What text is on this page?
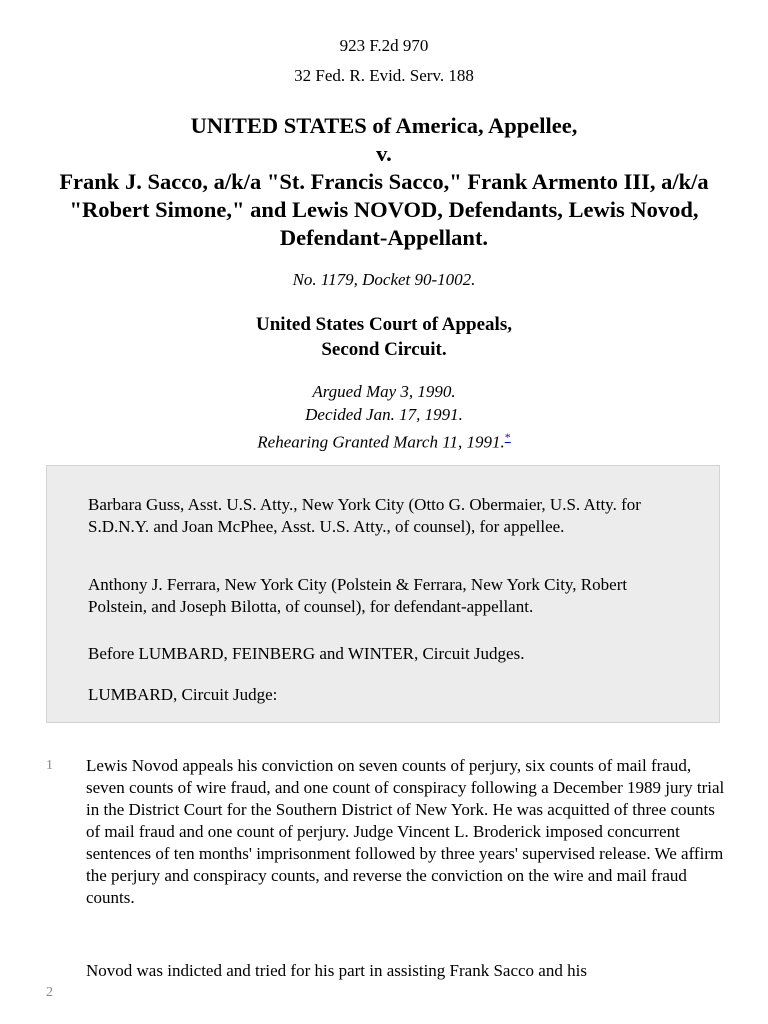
923 F.2d 970
32 Fed. R. Evid. Serv. 188
UNITED STATES of America, Appellee,
v.
Frank J. Sacco, a/k/a "St. Francis Sacco," Frank Armento III, a/k/a "Robert Simone," and Lewis NOVOD, Defendants, Lewis Novod, Defendant-Appellant.
No. 1179, Docket 90-1002.
United States Court of Appeals,
Second Circuit.
Argued May 3, 1990.
Decided Jan. 17, 1991.
Rehearing Granted March 11, 1991.*

Barbara Guss, Asst. U.S. Atty., New York City (Otto G. Obermaier, U.S. Atty. for S.D.N.Y. and Joan McPhee, Asst. U.S. Atty., of counsel), for appellee.

Anthony J. Ferrara, New York City (Polstein & Ferrara, New York City, Robert Polstein, and Joseph Bilotta, of counsel), for defendant-appellant.

Before LUMBARD, FEINBERG and WINTER, Circuit Judges.

LUMBARD, Circuit Judge:

1 Lewis Novod appeals his conviction on seven counts of perjury, six counts of mail fraud, seven counts of wire fraud, and one count of conspiracy following a December 1989 jury trial in the District Court for the Southern District of New York. He was acquitted of three counts of mail fraud and one count of perjury. Judge Vincent L. Broderick imposed concurrent sentences of ten months' imprisonment followed by three years' supervised release. We affirm the perjury and conspiracy counts, and reverse the conviction on the wire and mail fraud counts.
2
Novod was indicted and tried for his part in assisting Frank Sacco and his
